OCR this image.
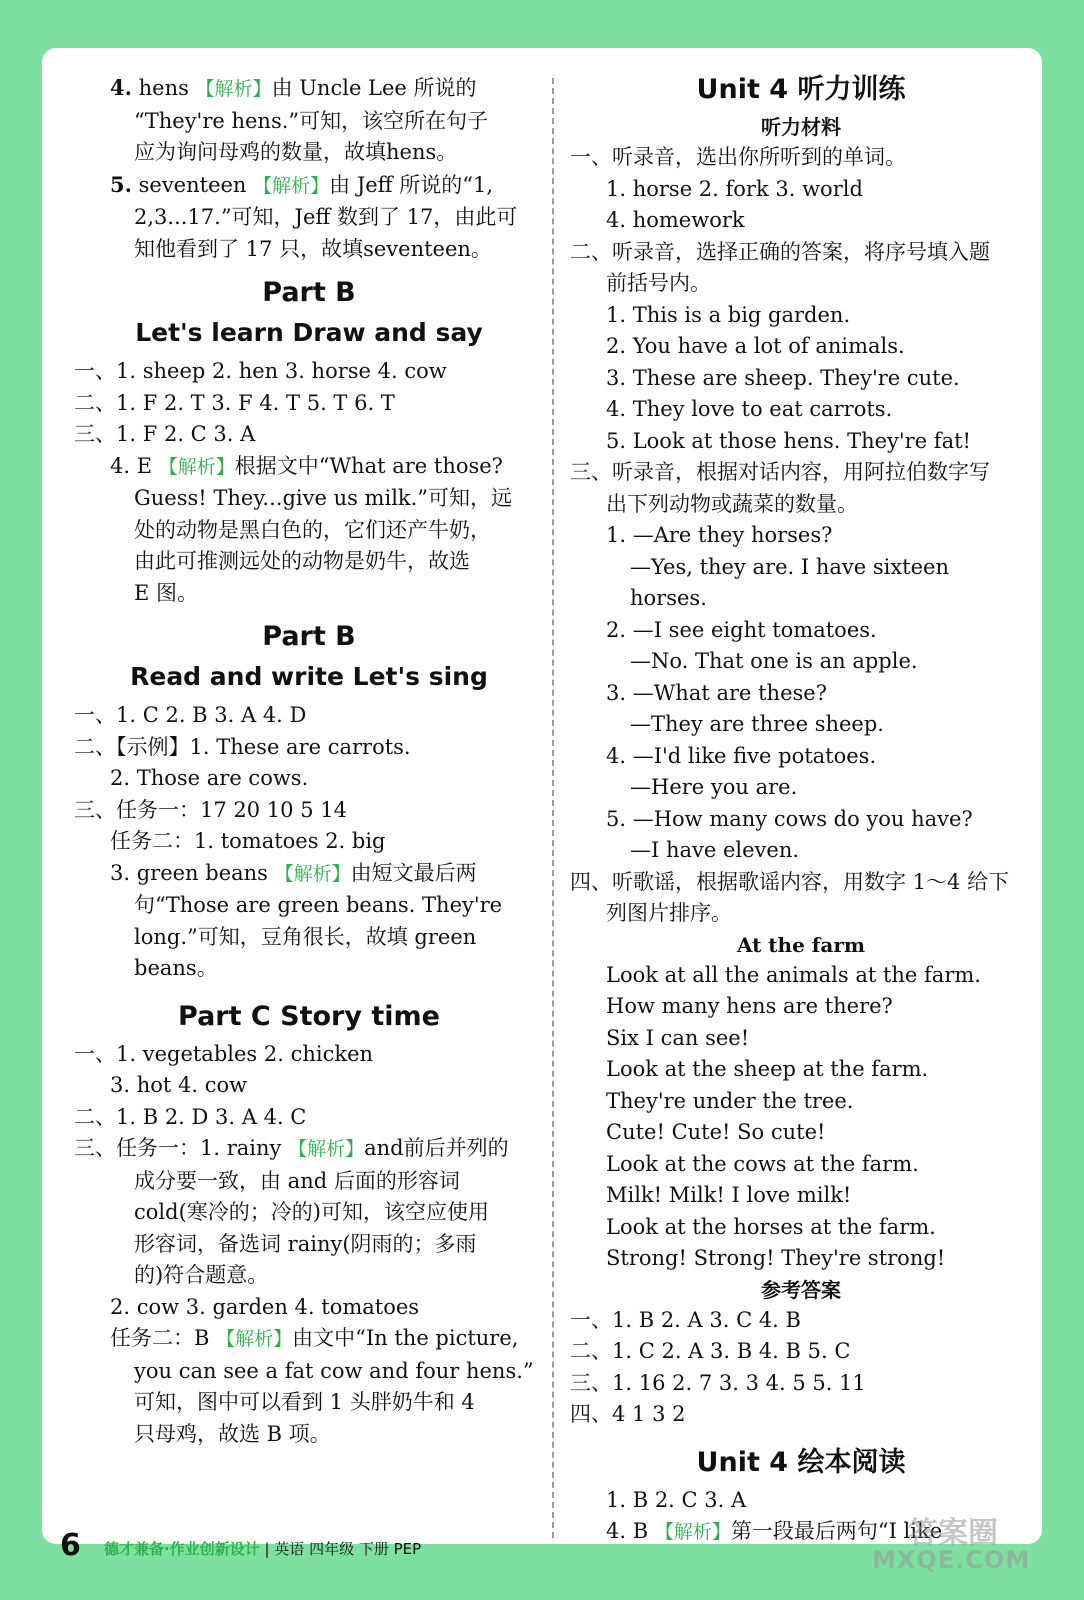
4. hens 【解析】由 Uncle Lee 所说的

“They're hens.”可知，该空所在句子

应为询问母鸡的数量，故填hens。

5. seventeen 【解析】由 Jeff 所说的“1,

2,3...17.”可知，Jeff 数到了 17，由此可

知他看到了 17 只，故填seventeen。

Part B
Let's learn Draw and say

一、1. sheep 2. hen 3. horse 4. cow

二、1. F 2. T 3. F 4. T 5. T 6. T

三、1. F 2. C 3. A

4. E 【解析】根据文中“What are those?

Guess! They...give us milk.”可知，远

处的动物是黑白色的，它们还产牛奶，

由此可推测远处的动物是奶牛，故选

E 图。

Part B
Read and write Let's sing

一、1. C 2. B 3. A 4. D

二、【示例】1. These are carrots.

2. Those are cows.

三、任务一：17 20 10 5 14

任务二：1. tomatoes 2. big

3. green beans 【解析】由短文最后两

句“Those are green beans. They're

long.”可知，豆角很长，故填 green

beans。

Part C Story time

一、1. vegetables 2. chicken

3. hot 4. cow

二、1. B 2. D 3. A 4. C

三、任务一：1. rainy 【解析】and前后并列的

成分要一致，由 and 后面的形容词

cold(寒冷的；冷的)可知，该空应使用

形容词，备选词 rainy(阴雨的；多雨

的)符合题意。

2. cow 3. garden 4. tomatoes

任务二：B 【解析】由文中“In the picture,

you can see a fat cow and four hens.”

可知，图中可以看到 1 头胖奶牛和 4

只母鸡，故选 B 项。

Unit 4 听力训练
听力材料

一、听录音，选出你所听到的单词。

1. horse 2. fork 3. world

4. homework

二、听录音，选择正确的答案，将序号填入题

前括号内。

1. This is a big garden.

2. You have a lot of animals.

3. These are sheep. They're cute.

4. They love to eat carrots.

5. Look at those hens. They're fat!

三、听录音，根据对话内容，用阿拉伯数字写

出下列动物或蔬菜的数量。

1. —Are they horses?

—Yes, they are. I have sixteen horses.

2. —I see eight tomatoes.

—No. That one is an apple.

3. —What are these?

—They are three sheep.

4. —I'd like five potatoes.

—Here you are.

5. —How many cows do you have?

—I have eleven.

四、听歌谣，根据歌谣内容，用数字 1～4 给下

列图片排序。

At the farm

Look at all the animals at the farm.

How many hens are there?

Six I can see!

Look at the sheep at the farm.

They're under the tree.

Cute! Cute! So cute!

Look at the cows at the farm.

Milk! Milk! I love milk!

Look at the horses at the farm.

Strong! Strong! They're strong!

参考答案

一、1. B 2. A 3. C 4. B

二、1. C 2. A 3. B 4. B 5. C

三、1. 16 2. 7 3. 3 4. 5 5. 11

四、4 1 3 2

Unit 4 绘本阅读

1. B 2. C 3. A

4. B 【解析】第一段最后两句“I like

6 德才兼备·作业创新设计 | 英语 四年级 下册 PEP	答案圈
MXQE.COM
